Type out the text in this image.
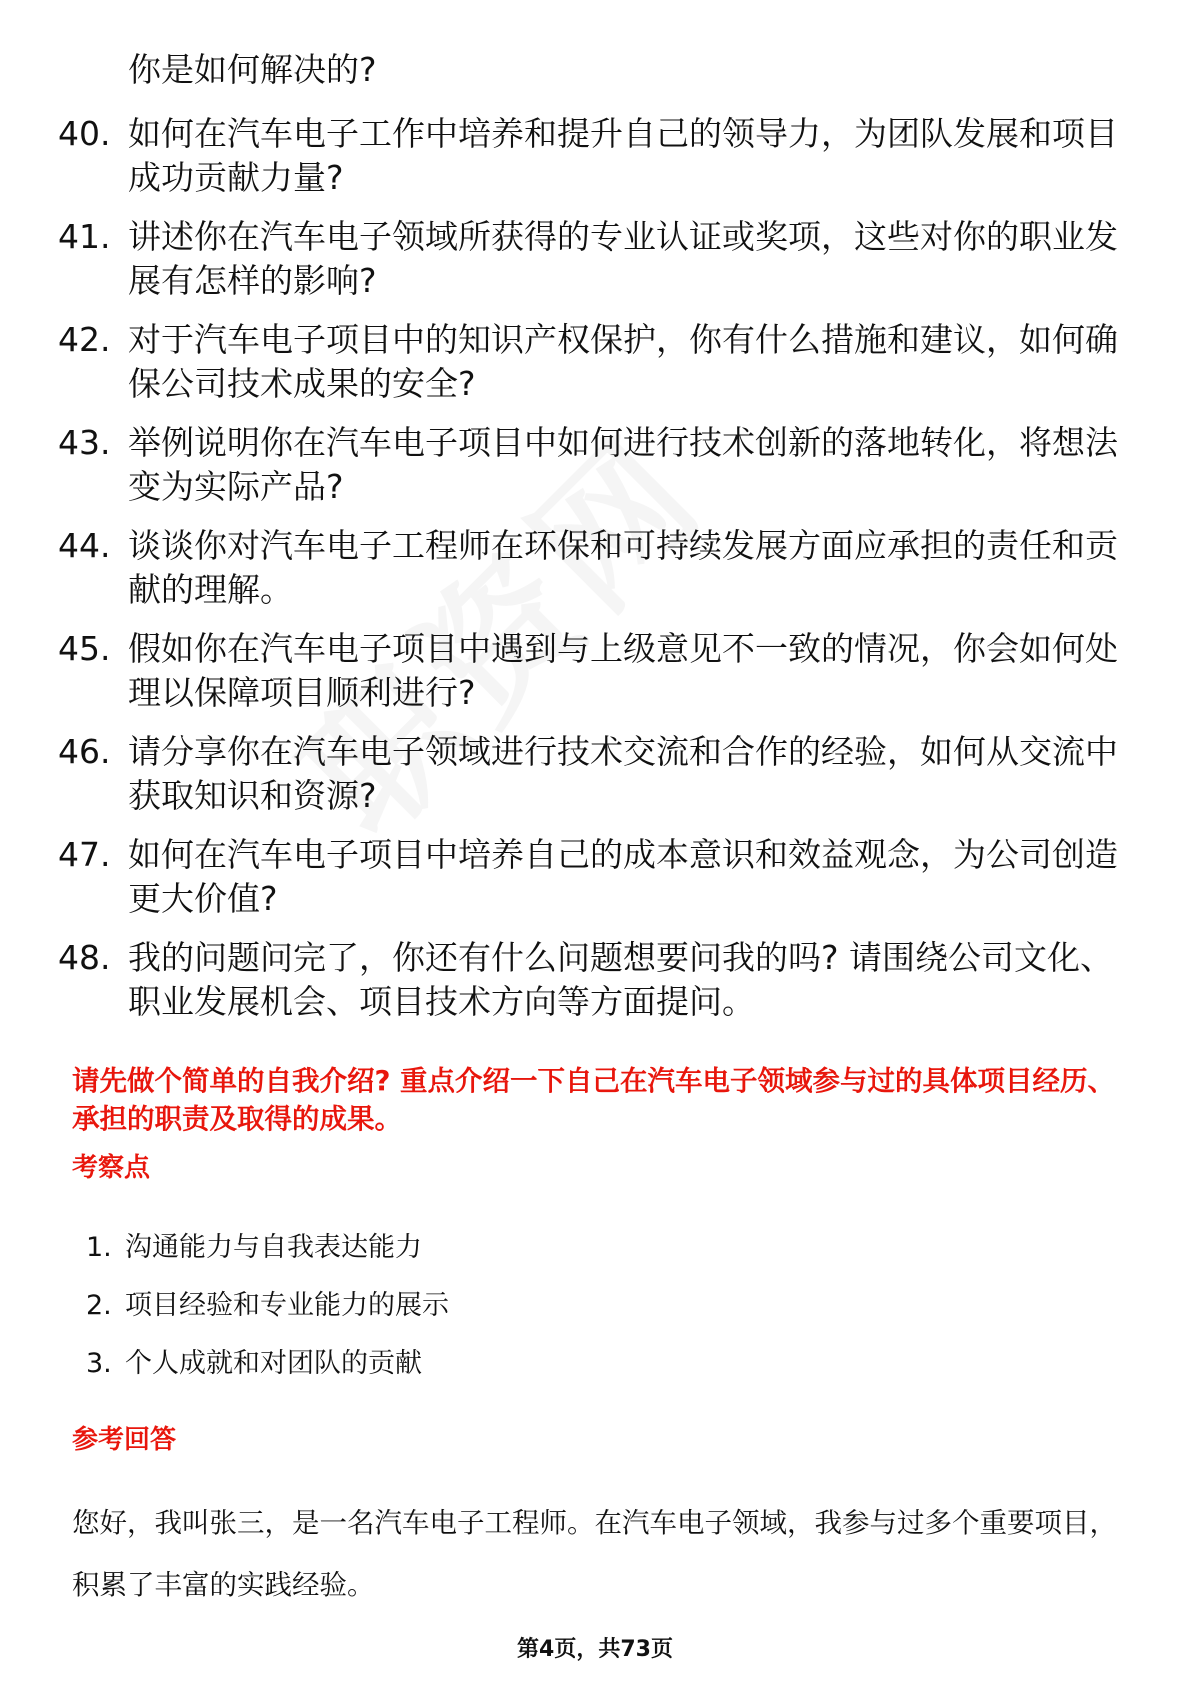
你是如何解决的?
40. 如何在汽车电子工作中培养和提升自己的领导力，为团队发展和项目成功贡献力量?
41. 讲述你在汽车电子领域所获得的专业认证或奖项，这些对你的职业发展有怎样的影响?
42. 对于汽车电子项目中的知识产权保护，你有什么措施和建议，如何确保公司技术成果的安全?
43. 举例说明你在汽车电子项目中如何进行技术创新的落地转化，将想法变为实际产品?
44. 谈谈你对汽车电子工程师在环保和可持续发展方面应承担的责任和贡献的理解。
45. 假如你在汽车电子项目中遇到与上级意见不一致的情况，你会如何处理以保障项目顺利进行?
46. 请分享你在汽车电子领域进行技术交流和合作的经验，如何从交流中获取知识和资源?
47. 如何在汽车电子项目中培养自己的成本意识和效益观念，为公司创造更大价值?
48. 我的问题问完了，你还有什么问题想要问我的吗? 请围绕公司文化、职业发展机会、项目技术方向等方面提问。
请先做个简单的自我介绍? 重点介绍一下自己在汽车电子领域参与过的具体项目经历、承担的职责及取得的成果。
考察点
1. 沟通能力与自我表达能力
2. 项目经验和专业能力的展示
3. 个人成就和对团队的贡献
参考回答
您好，我叫张三，是一名汽车电子工程师。在汽车电子领域，我参与过多个重要项目，积累了丰富的实践经验。
第4页，共73页
